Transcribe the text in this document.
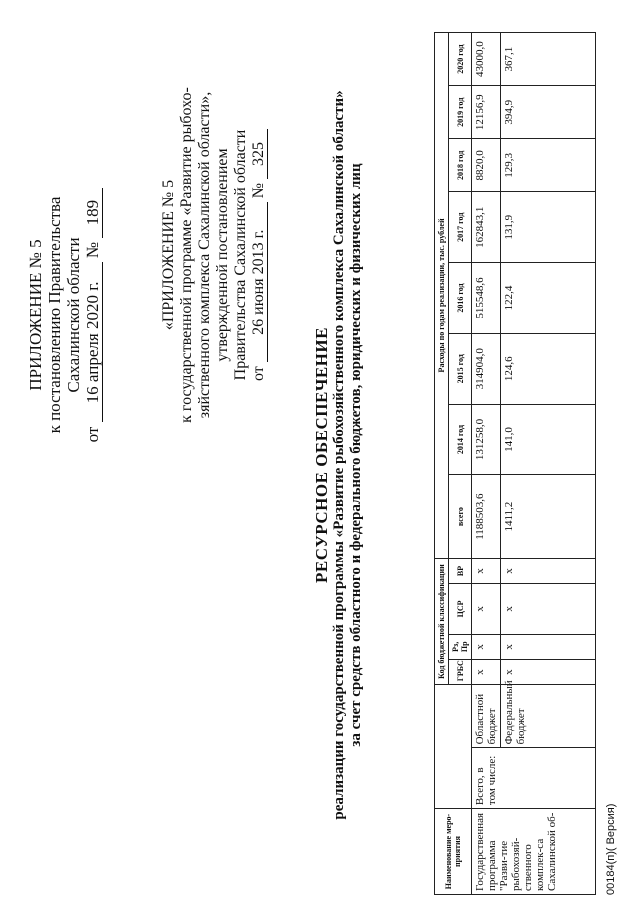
ПРИЛОЖЕНИЕ № 5 к постановлению Правительства Сахалинской области
от 16 апреля 2020 г. № 189	«ПРИЛОЖЕНИЕ № 5 к государственной программе «Развитие рыбохо- зяйственного комплекса Сахалинской области», утвержденной постановлением Правительства Сахалинской области от 26 июня 2013 г. № 325
РЕСУРСНОЕ ОБЕСПЕЧЕНИЕ реализации государственной программы «Развитие рыбохозяйственного комплекса Сахалинской области» за счет средств областного и федерального бюджетов, юридических и физических лиц
Наименование меро-приятия			Код бюджетной классификации				Расходы по годам реализации, тыс. рублей							
			ГРБС	Рз, Пр	ЦСР	ВР	всего	2014 год	2015 год	2016 год	2017 год	2018 год	2019 год	2020 год
Государственная программа "Разви-тие рыбохозяй-ственного комплек-са Сахалинской об-	Всего, в том числе:	Областной бюджет	х	х	х	х	1188503,6	131258,0	314904,0	515548,6	162843,1	8820,0	12156,9	43000,0
		Федеральный бюджет	х	х	х	х	1411,2	141,0	124,6	122,4	131,9	129,3	394,9	367,1
00184(п)( Версия)
